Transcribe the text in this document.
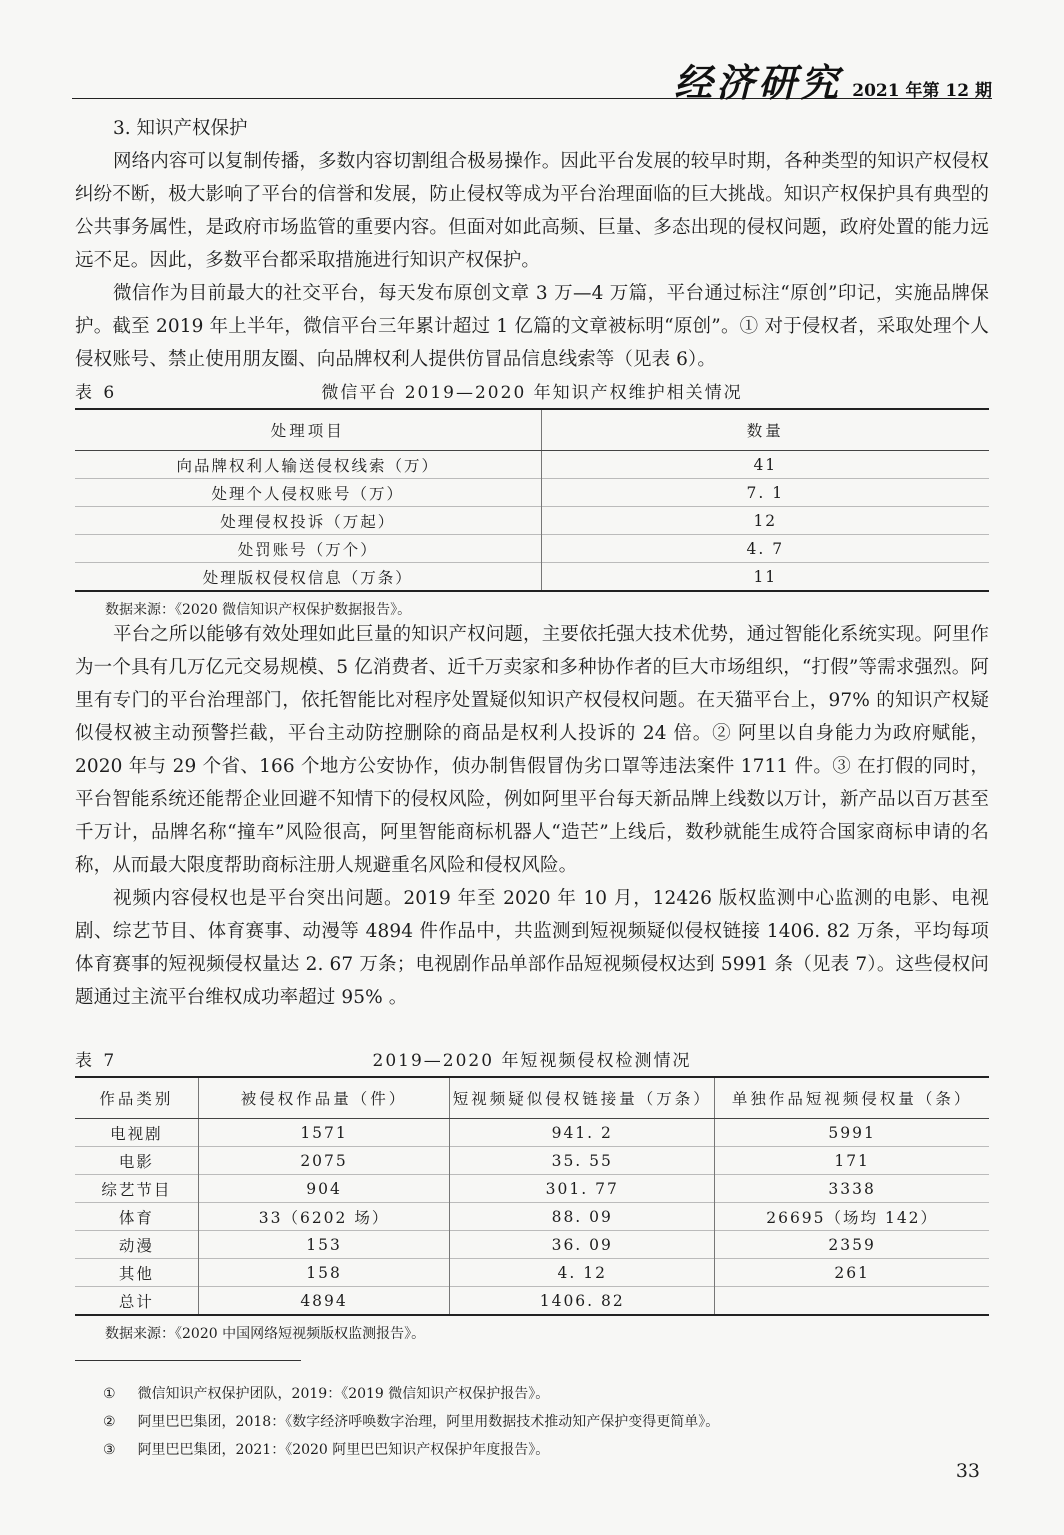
经济研究 2021 年第 12 期
3. 知识产权保护

网络内容可以复制传播，多数内容切割组合极易操作。因此平台发展的较早时期，各种类型的知识产权侵权纠纷不断，极大影响了平台的信誉和发展，防止侵权等成为平台治理面临的巨大挑战。知识产权保护具有典型的公共事务属性，是政府市场监管的重要内容。但面对如此高频、巨量、多态出现的侵权问题，政府处置的能力远远不足。因此，多数平台都采取措施进行知识产权保护。

微信作为目前最大的社交平台，每天发布原创文章 3 万—4 万篇，平台通过标注“原创”印记，实施品牌保护。截至 2019 年上半年，微信平台三年累计超过 1 亿篇的文章被标明“原创”。① 对于侵权者，采取处理个人侵权账号、禁止使用朋友圈、向品牌权利人提供仿冒品信息线索等（见表 6）。

表 6	微信平台 2019—2020 年知识产权维护相关情况
处理项目	数量
向品牌权利人输送侵权线索（万）	41
处理个人侵权账号（万）	7. 1
处理侵权投诉（万起）	12
处罚账号（万个）	4. 7
处理版权侵权信息（万条）	11
数据来源：《2020 微信知识产权保护数据报告》。

平台之所以能够有效处理如此巨量的知识产权问题，主要依托强大技术优势，通过智能化系统实现。阿里作为一个具有几万亿元交易规模、5 亿消费者、近千万卖家和多种协作者的巨大市场组织，“打假”等需求强烈。阿里有专门的平台治理部门，依托智能比对程序处置疑似知识产权侵权问题。在天猫平台上，97% 的知识产权疑似侵权被主动预警拦截，平台主动防控删除的商品是权利人投诉的 24 倍。② 阿里以自身能力为政府赋能，2020 年与 29 个省、166 个地方公安协作，侦办制售假冒伪劣口罩等违法案件 1711 件。③ 在打假的同时，平台智能系统还能帮企业回避不知情下的侵权风险，例如阿里平台每天新品牌上线数以万计，新产品以百万甚至千万计，品牌名称“撞车”风险很高，阿里智能商标机器人“造芒”上线后，数秒就能生成符合国家商标申请的名称，从而最大限度帮助商标注册人规避重名风险和侵权风险。

视频内容侵权也是平台突出问题。2019 年至 2020 年 10 月，12426 版权监测中心监测的电影、电视剧、综艺节目、体育赛事、动漫等 4894 件作品中，共监测到短视频疑似侵权链接 1406. 82 万条，平均每项体育赛事的短视频侵权量达 2. 67 万条；电视剧作品单部作品短视频侵权达到 5991 条（见表 7）。这些侵权问题通过主流平台维权成功率超过 95% 。

表 7	2019—2020 年短视频侵权检测情况
作品类别	被侵权作品量（件）	短视频疑似侵权链接量（万条）	单独作品短视频侵权量（条）
电视剧	1571	941. 2	5991
电影	2075	35. 55	171
综艺节目	904	301. 77	3338
体育	33（6202 场）	88. 09	26695（场均 142）
动漫	153	36. 09	2359
其他	158	4. 12	261
总计	4894	1406. 82	
数据来源：《2020 中国网络短视频版权监测报告》。
① 微信知识产权保护团队，2019：《2019 微信知识产权保护报告》。
② 阿里巴巴集团，2018：《数字经济呼唤数字治理，阿里用数据技术推动知产保护变得更简单》。
③ 阿里巴巴集团，2021：《2020 阿里巴巴知识产权保护年度报告》。
33
